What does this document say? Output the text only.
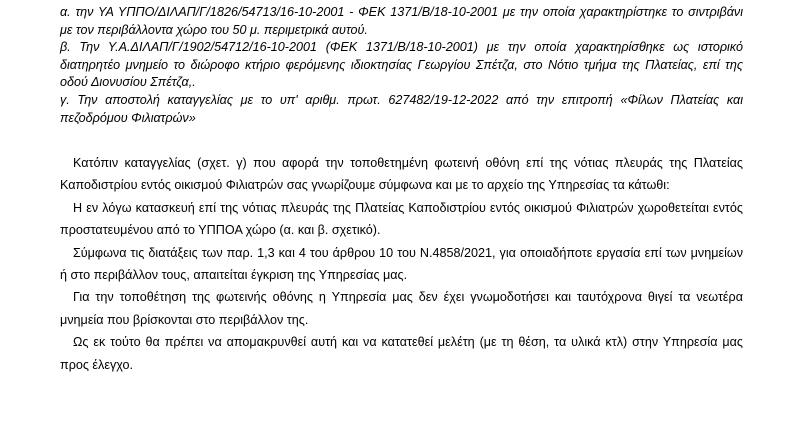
α. την ΥΑ ΥΠΠΟ/ΔΙΛΑΠ/Γ/1826/54713/16-10-2001 - ΦΕΚ 1371/Β/18-10-2001 με την οποία χαρακτηρίστηκε το σιντριβάνι με τον περιβάλλοντα χώρο του 50 μ. περιμετρικά αυτού.

β. Την Υ.Α.ΔΙΛΑΠ/Γ/1902/54712/16-10-2001 (ΦΕΚ 1371/Β/18-10-2001) με την οποία χαρακτηρίσθηκε ως ιστορικό διατηρητέο μνημείο το διώροφο κτήριο φερόμενης ιδιοκτησίας Γεωργίου Σπέτζα, στο Νότιο τμήμα της Πλατείας, επί της οδού Διονυσίου Σπέτζα,.

γ. Την αποστολή καταγγελίας με το υπ' αριθμ. πρωτ. 627482/19-12-2022 από την επιτροπή «Φίλων Πλατείας και πεζοδρόμου Φιλιατρών»

Κατόπιν καταγγελίας (σχετ. γ) που αφορά την τοποθετημένη φωτεινή οθόνη επί της νότιας πλευράς της Πλατείας Καποδιστρίου εντός οικισμού Φιλιατρών σας γνωρίζουμε σύμφωνα και με το αρχείο της Υπηρεσίας τα κάτωθι:

Η εν λόγω κατασκευή επί της νότιας πλευράς της Πλατείας Καποδιστρίου εντός οικισμού Φιλιατρών χωροθετείται εντός προστατευμένου από το ΥΠΠΟΑ χώρο (α. και β. σχετικό).

Σύμφωνα τις διατάξεις των παρ. 1,3 και 4 του άρθρου 10 του Ν.4858/2021, για οποιαδήποτε εργασία επί των μνημείων ή στο περιβάλλον τους, απαιτείται έγκριση της Υπηρεσίας μας.

Για την τοποθέτηση της φωτεινής οθόνης η Υπηρεσία μας δεν έχει γνωμοδοτήσει και ταυτόχρονα θιγεί τα νεωτέρα μνημεία που βρίσκονται στο περιβάλλον της.

Ως εκ τούτο θα πρέπει να απομακρυνθεί αυτή και να κατατεθεί μελέτη (με τη θέση, τα υλικά κτλ) στην Υπηρεσία μας προς έλεγχο.
